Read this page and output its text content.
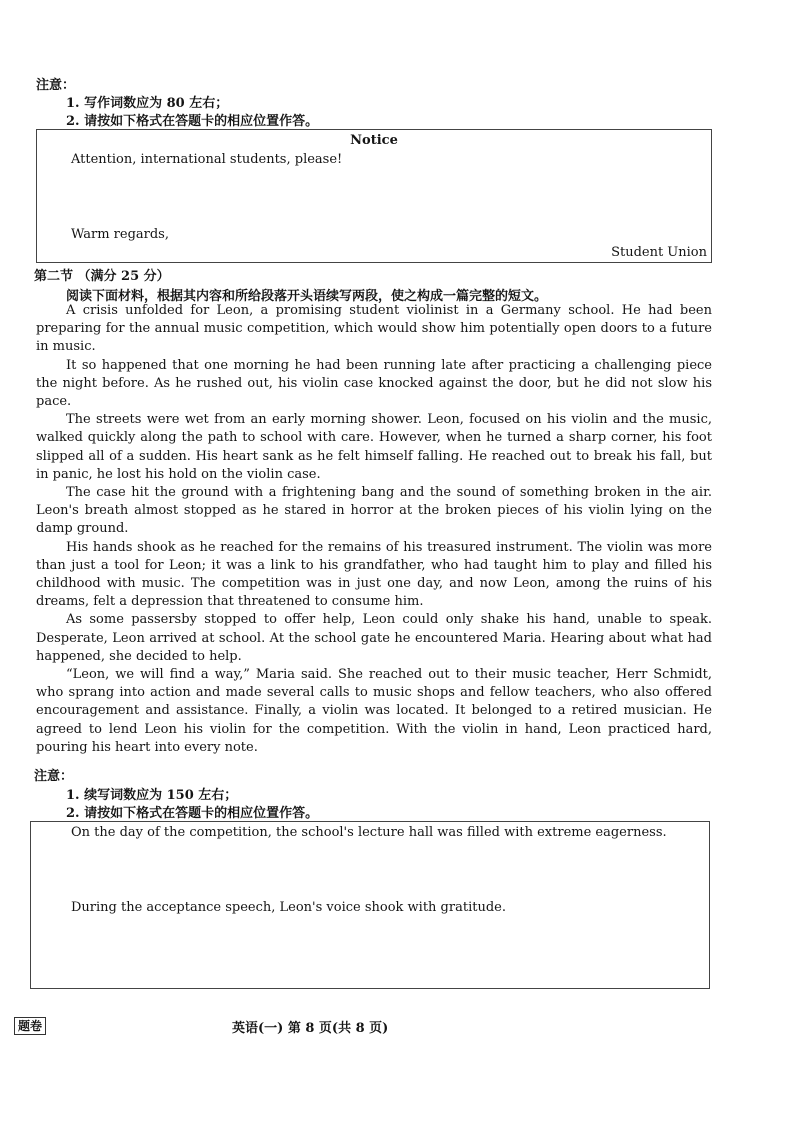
注意：
1. 写作词数应为 80 左右；
2. 请按如下格式在答题卡的相应位置作答。
Notice
Attention, international students, please!
Warm regards,
Student Union
第二节 （满分 25 分）
阅读下面材料，根据其内容和所给段落开头语续写两段，使之构成一篇完整的短文。

A crisis unfolded for Leon, a promising student violinist in a Germany school. He had been preparing for the annual music competition, which would show him potentially open doors to a future in music.

It so happened that one morning he had been running late after practicing a challenging piece the night before. As he rushed out, his violin case knocked against the door, but he did not slow his pace.

The streets were wet from an early morning shower. Leon, focused on his violin and the music, walked quickly along the path to school with care. However, when he turned a sharp corner, his foot slipped all of a sudden. His heart sank as he felt himself falling. He reached out to break his fall, but in panic, he lost his hold on the violin case.

The case hit the ground with a frightening bang and the sound of something broken in the air. Leon's breath almost stopped as he stared in horror at the broken pieces of his violin lying on the damp ground.

His hands shook as he reached for the remains of his treasured instrument. The violin was more than just a tool for Leon; it was a link to his grandfather, who had taught him to play and filled his childhood with music. The competition was in just one day, and now Leon, among the ruins of his dreams, felt a depression that threatened to consume him.

As some passersby stopped to offer help, Leon could only shake his hand, unable to speak. Desperate, Leon arrived at school. At the school gate he encountered Maria. Hearing about what had happened, she decided to help.

“Leon, we will find a way,” Maria said. She reached out to their music teacher, Herr Schmidt, who sprang into action and made several calls to music shops and fellow teachers, who also offered encouragement and assistance. Finally, a violin was located. It belonged to a retired musician. He agreed to lend Leon his violin for the competition. With the violin in hand, Leon practiced hard, pouring his heart into every note.

注意：
1. 续写词数应为 150 左右；
2. 请按如下格式在答题卡的相应位置作答。
On the day of the competition, the school's lecture hall was filled with extreme eagerness.
During the acceptance speech, Leon's voice shook with gratitude.
题卷	英语(一) 第 8 页(共 8 页)
